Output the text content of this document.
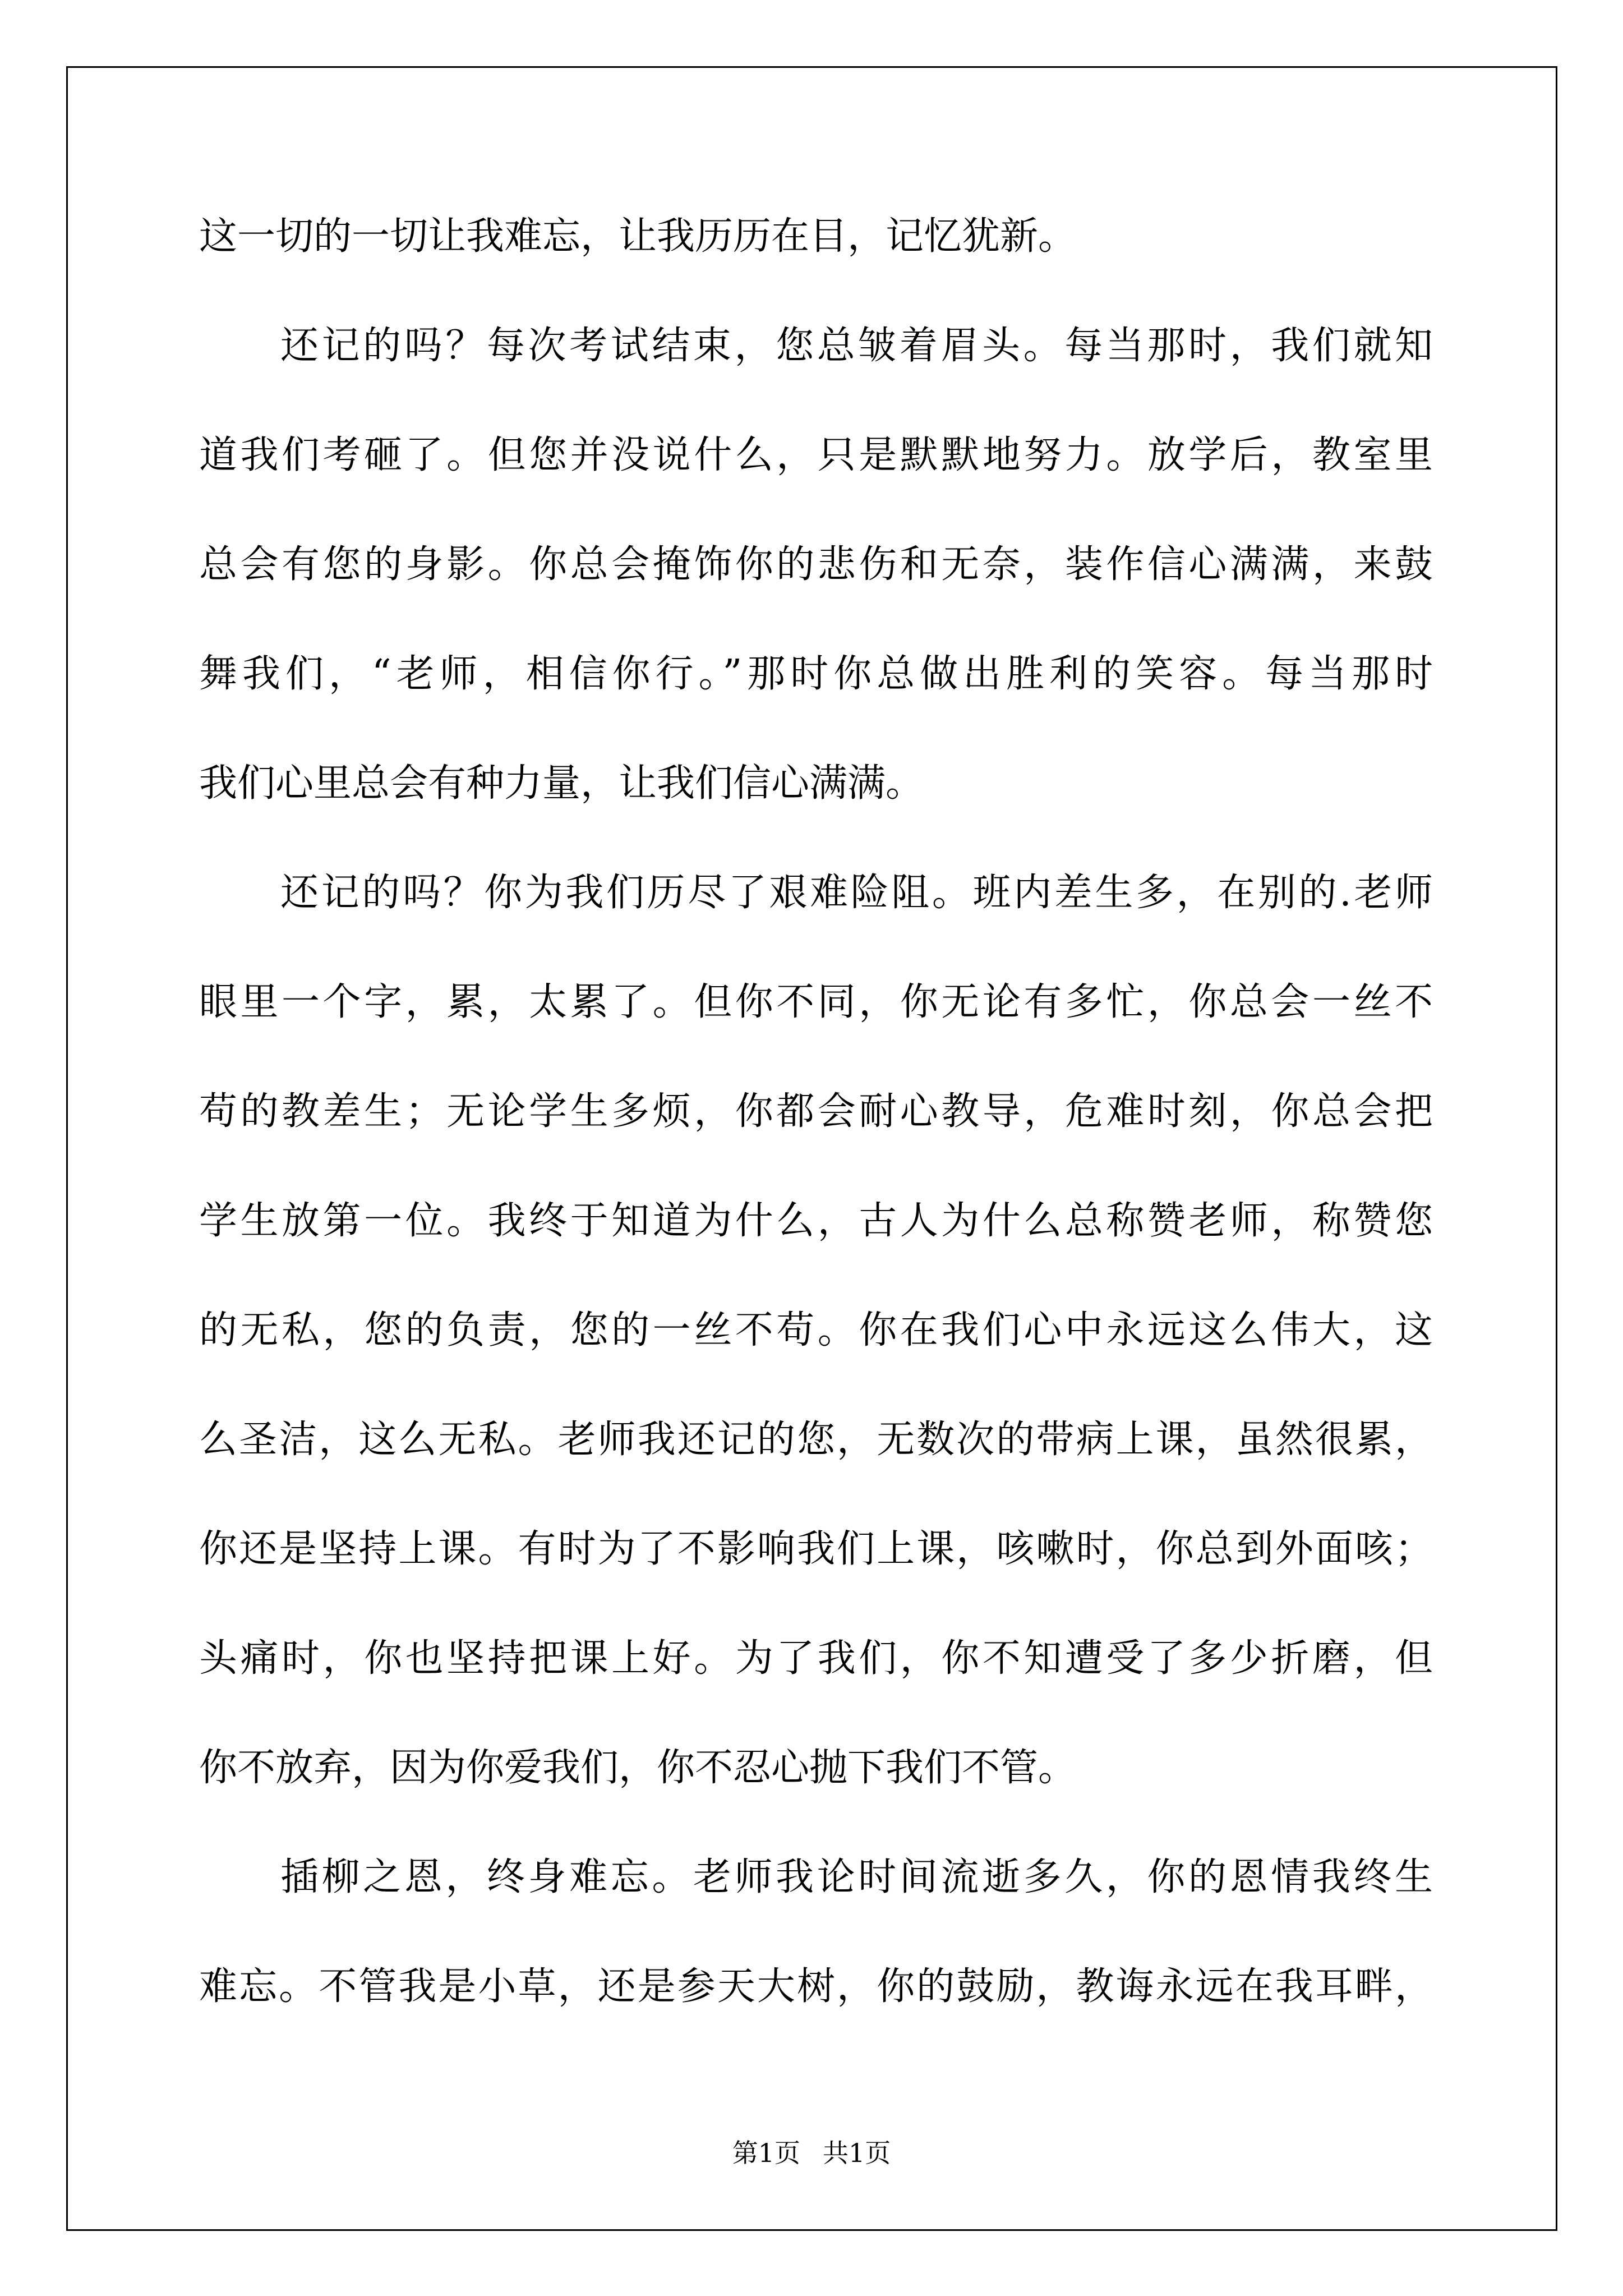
这一切的一切让我难忘，让我历历在目，记忆犹新。
还记的吗？每次考试结束，您总皱着眉头。每当那时，我们就知
道我们考砸了。但您并没说什么，只是默默地努力。放学后，教室里
总会有您的身影。你总会掩饰你的悲伤和无奈，装作信心满满，来鼓
舞我们，“老师，相信你行。”那时你总做出胜利的笑容。每当那时
我们心里总会有种力量，让我们信心满满。
还记的吗？你为我们历尽了艰难险阻。班内差生多，在别的.老师
眼里一个字，累，太累了。但你不同，你无论有多忙，你总会一丝不
苟的教差生；无论学生多烦，你都会耐心教导，危难时刻，你总会把
学生放第一位。我终于知道为什么，古人为什么总称赞老师，称赞您
的无私，您的负责，您的一丝不苟。你在我们心中永远这么伟大，这
么圣洁，这么无私。老师我还记的您，无数次的带病上课，虽然很累，
你还是坚持上课。有时为了不影响我们上课，咳嗽时，你总到外面咳；
头痛时，你也坚持把课上好。为了我们，你不知遭受了多少折磨，但
你不放弃，因为你爱我们，你不忍心抛下我们不管。
插柳之恩，终身难忘。老师我论时间流逝多久，你的恩情我终生
难忘。不管我是小草，还是参天大树，你的鼓励，教诲永远在我耳畔，
第1页 共1页
